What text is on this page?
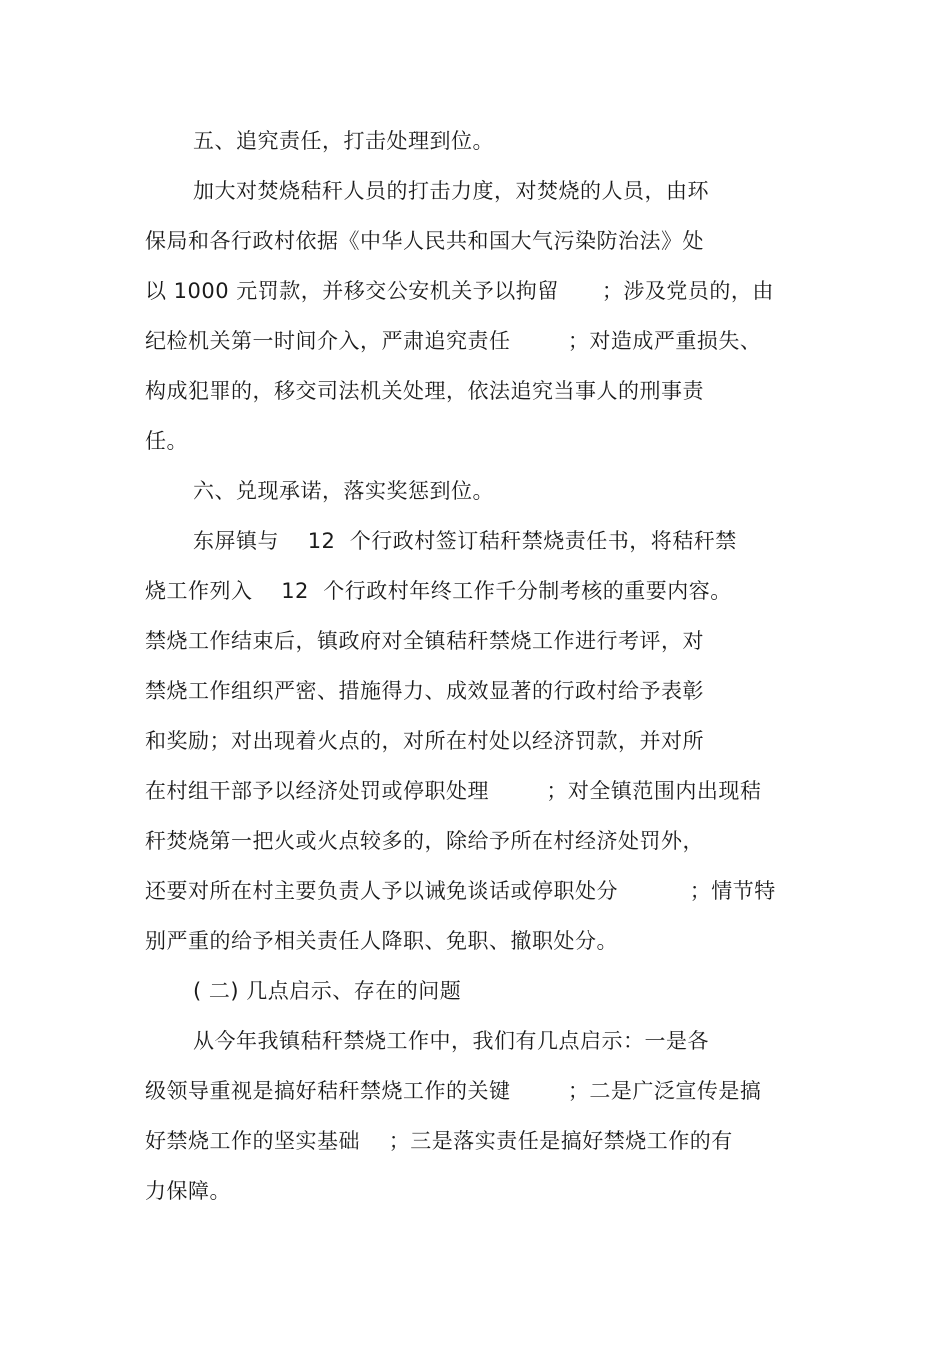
五、追究责任，打击处理到位。
加大对焚烧秸秆人员的打击力度，对焚烧的人员，由环
保局和各行政村依据《中华人民共和国大气污染防治法》处
以 1000 元罚款，并移交公安机关予以拘留      ；涉及党员的，由
纪检机关第一时间介入，严肃追究责任        ；对造成严重损失、
构成犯罪的，移交司法机关处理，依法追究当事人的刑事责
任。
六、兑现承诺，落实奖惩到位。
东屏镇与    12  个行政村签订秸秆禁烧责任书，将秸秆禁
烧工作列入    12  个行政村年终工作千分制考核的重要内容。
禁烧工作结束后，镇政府对全镇秸秆禁烧工作进行考评，对
禁烧工作组织严密、措施得力、成效显著的行政村给予表彰
和奖励；对出现着火点的，对所在村处以经济罚款，并对所
在村组干部予以经济处罚或停职处理        ；对全镇范围内出现秸
秆焚烧第一把火或火点较多的，除给予所在村经济处罚外，
还要对所在村主要负责人予以诫免谈话或停职处分          ；情节特
别严重的给予相关责任人降职、免职、撤职处分。
( 二) 几点启示、存在的问题
从今年我镇秸秆禁烧工作中，我们有几点启示：一是各
级领导重视是搞好秸秆禁烧工作的关键        ；二是广泛宣传是搞
好禁烧工作的坚实基础    ；三是落实责任是搞好禁烧工作的有
力保障。
